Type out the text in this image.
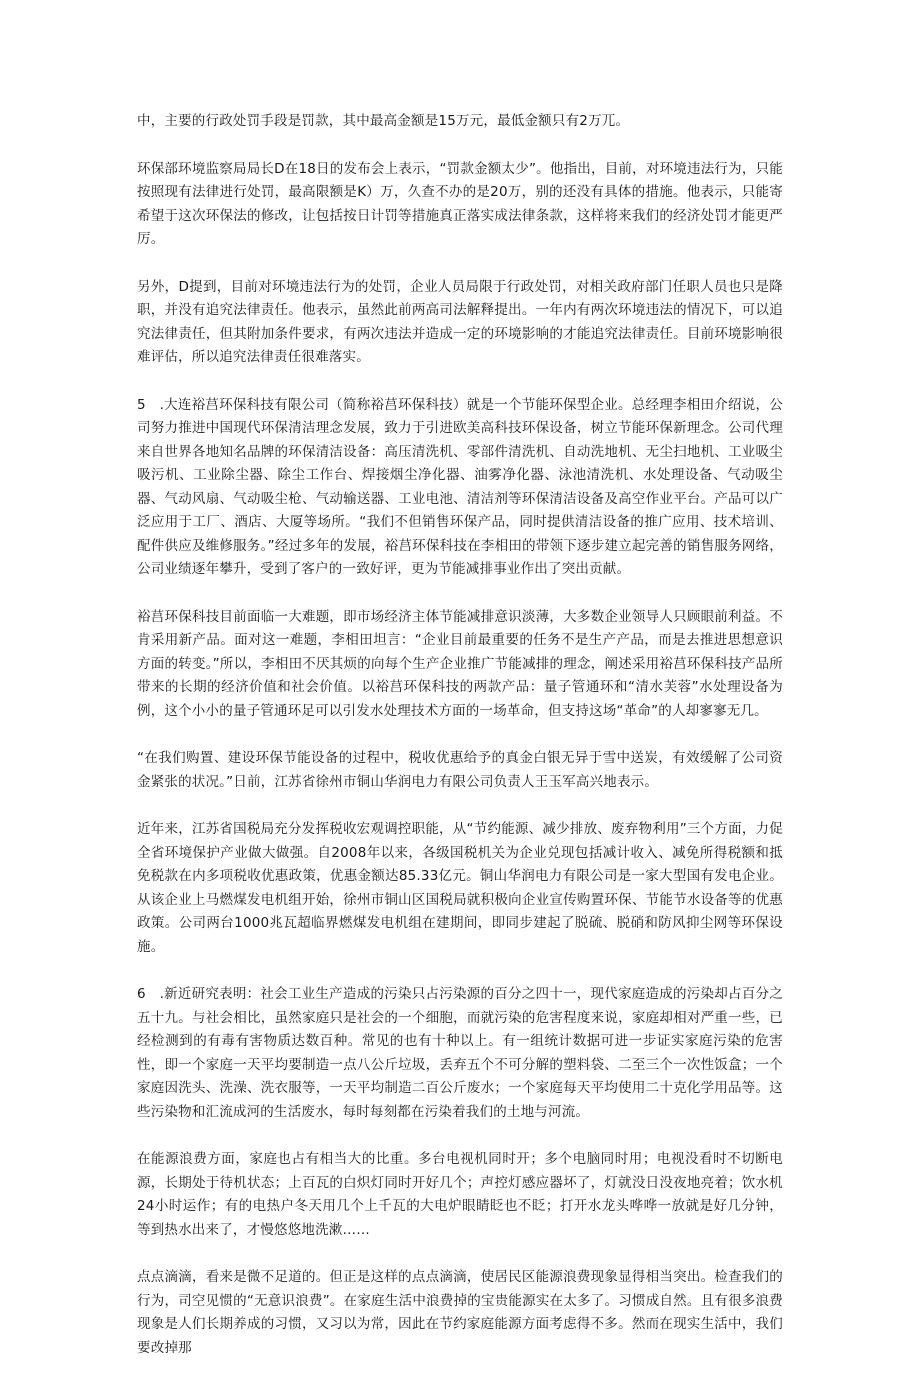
中，主要的行政处罚手段是罚款，其中最高金额是15万元，最低金额只有2万兀。

环保部环境监察局局长D在18日的发布会上表示，“罚款金额太少”。他指出，目前，对环境违法行为，只能按照现有法律进行处罚，最高限额是K）万，久查不办的是20万，别的还没有具体的措施。他表示，只能寄希望于这次环保法的修改，让包括按日计罚等措施真正落实成法律条款，这样将来我们的经济处罚才能更严厉。

另外，D提到，目前对环境违法行为的处罚，企业人员局限于行政处罚，对相关政府部门任职人员也只是降职，并没有追究法律责任。他表示，虽然此前两高司法解释提出。一年内有两次环境违法的情况下，可以追究法律责任，但其附加条件要求，有两次违法并造成一定的环境影响的才能追究法律责任。目前环境影响很难评估，所以追究法律责任很难落实。

5　.大连裕莒环保科技有限公司（简称裕莒环保科技）就是一个节能环保型企业。总经理李相田介绍说，公司努力推进中国现代环保清洁理念发展，致力于引进欧美高科技环保设备，树立节能环保新理念。公司代理来自世界各地知名品牌的环保清洁设备：高压清洗机、零部件清洗机、自动洗地机、无尘扫地机、工业吸尘吸污机、工业除尘器、除尘工作台、焊接烟尘净化器、油雾净化器、泳池清洗机、水处理设备、气动吸尘器、气动风扇、气动吸尘枪、气动输送器、工业电池、清洁剂等环保清洁设备及高空作业平台。产品可以广泛应用于工厂、酒店、大厦等场所。“我们不但销售环保产品，同时提供清洁设备的推广应用、技术培训、配件供应及维修服务。”经过多年的发展，裕莒环保科技在李相田的带领下逐步建立起完善的销售服务网络，公司业绩逐年攀升，受到了客户的一致好评，更为节能减排事业作出了突出贡献。

裕莒环保科技目前面临一大难题，即市场经济主体节能减排意识淡薄，大多数企业领导人只顾眼前利益。不肯采用新产品。面对这一难题，李相田坦言：“企业目前最重要的任务不是生产产品，而是去推进思想意识方面的转变。”所以，李相田不厌其烦的向每个生产企业推广节能减排的理念，阐述采用裕莒环保科技产品所带来的长期的经济价值和社会价值。以裕莒环保科技的两款产品：量子管通环和“清水芙蓉”水处理设备为例，这个小小的量子管通环足可以引发水处理技术方面的一场革命，但支持这场“革命”的人却寥寥无几。

“在我们购置、建设环保节能设备的过程中，税收优惠给予的真金白银无异于雪中送炭，有效缓解了公司资金紧张的状况。”日前，江苏省徐州市铜山华润电力有限公司负责人王玉军高兴地表示。

近年来，江苏省国税局充分发挥税收宏观调控职能，从“节约能源、减少排放、废弃物利用”三个方面，力促全省环境保护产业做大做强。自2008年以来，各级国税机关为企业兑现包括减计收入、减免所得税额和抵免税款在内多项税收优惠政策，优惠金额达85.33亿元。铜山华润电力有限公司是一家大型国有发电企业。从该企业上马燃煤发电机组开始，徐州市铜山区国税局就积极向企业宣传购置环保、节能节水设备等的优惠政策。公司两台1000兆瓦超临界燃煤发电机组在建期间，即同步建起了脱硫、脱硝和防风抑尘网等环保设施。

6　.新近研究表明：社会工业生产造成的污染只占污染源的百分之四十一，现代家庭造成的污染却占百分之五十九。与社会相比，虽然家庭只是社会的一个细胞，而就污染的危害程度来说，家庭却相对严重一些，已经检测到的有毒有害物质达数百种。常见的也有十种以上。有一组统计数据可进一步证实家庭污染的危害性，即一个家庭一天平均要制造一点八公斤垃圾，丢弃五个不可分解的塑料袋、二至三个一次性饭盒；一个家庭因洗头、洗澡、洗衣服等，一天平均制造二百公斤废水；一个家庭每天平均使用二十克化学用品等。这些污染物和汇流成河的生活废水，每时每刻都在污染着我们的土地与河流。

在能源浪费方面，家庭也占有相当大的比重。多台电视机同时开；多个电脑同时用；电视没看时不切断电源，长期处于待机状态；上百瓦的白炽灯同时开好几个；声控灯感应器坏了，灯就没日没夜地亮着；饮水机24小时运作；有的电热户冬天用几个上千瓦的大电炉眼睛眨也不眨；打开水龙头哗哗一放就是好几分钟，等到热水出来了，才慢悠悠地洗漱……

点点滴滴，看来是微不足道的。但正是这样的点点滴滴，使居民区能源浪费现象显得相当突出。检查我们的行为，司空见惯的“无意识浪费”。在家庭生活中浪费掉的宝贵能源实在太多了。习惯成自然。且有很多浪费现象是人们长期养成的习惯，又习以为常，因此在节约家庭能源方面考虑得不多。然而在现实生活中，我们要改掉那
